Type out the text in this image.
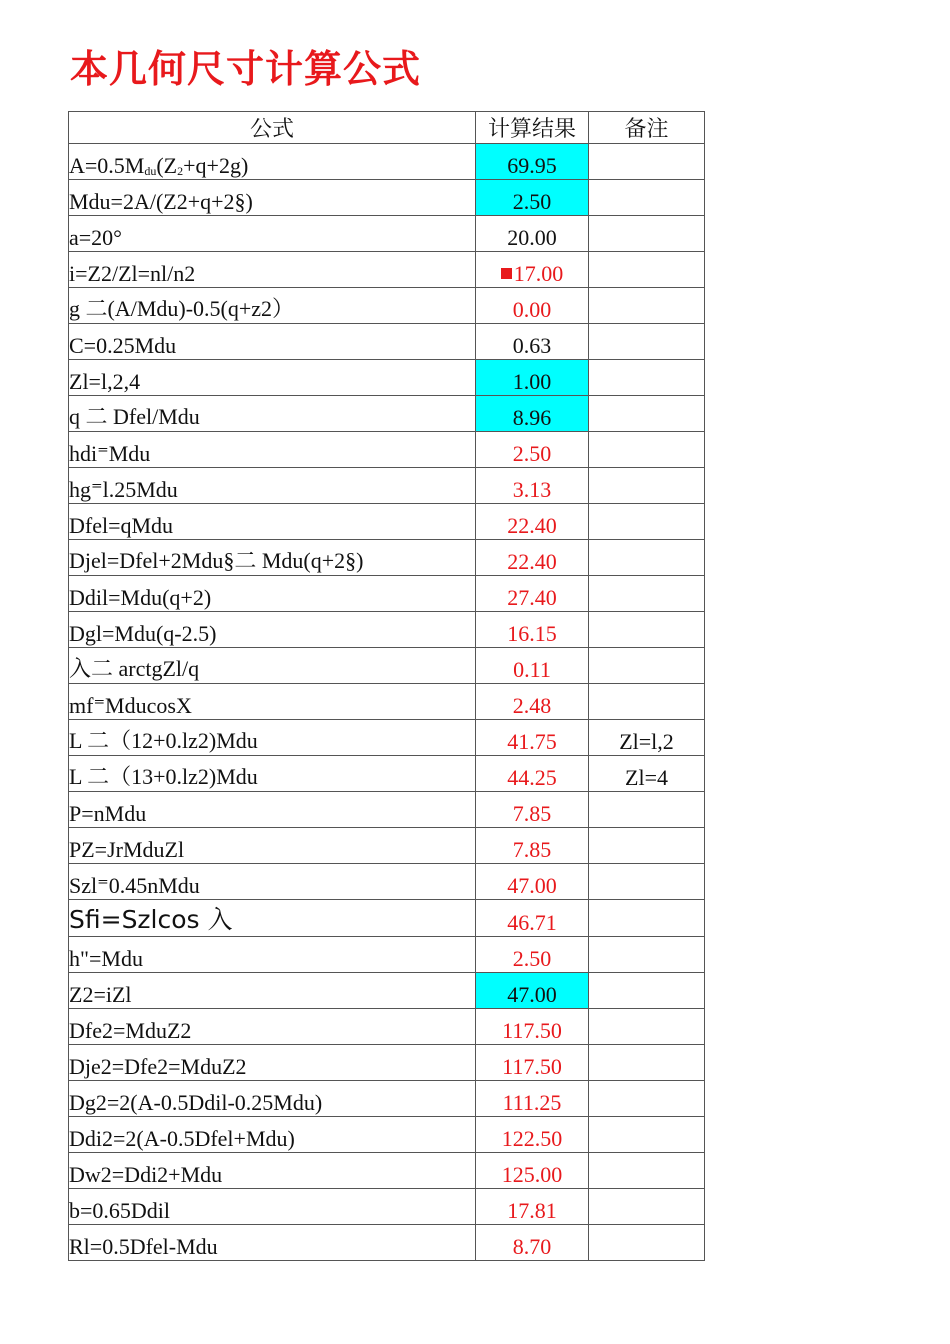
本几何尺寸计算公式
公式	计算结果	备注
$A=0.5M_{du}(Z_2+q+2g)$	69.95	
Mdu=2A/(Z2+q+2§)	2.50	
a=20°	20.00	
i=Z2/Zl=nl/n2	17.00	
g 二(A/Mdu)-0.5(q+z2）	0.00	
C=0.25Mdu	0.63	
Zl=l,2,4	1.00	
q 二 Dfel/Mdu	8.96	
hdi⁼Mdu	2.50	
hg⁼l.25Mdu	3.13	
Dfel=qMdu	22.40	
Djel=Dfel+2Mdu§二 Mdu(q+2§)	22.40	
Ddil=Mdu(q+2)	27.40	
Dgl=Mdu(q-2.5)	16.15	
入二 arctgZl/q	0.11	
mf⁼MducosX	2.48	
L 二（12+0.lz2)Mdu	41.75	Zl=l,2
L 二（13+0.lz2)Mdu	44.25	Zl=4
P=nMdu	7.85	
PZ=JrMduZl	7.85	
Szl⁼0.45nMdu	47.00	
Sfi=Szlcos 入	46.71	
h"=Mdu	2.50	
Z2=iZl	47.00	
Dfe2=MduZ2	117.50	
Dje2=Dfe2=MduZ2	117.50	
Dg2=2(A-0.5Ddil-0.25Mdu)	111.25	
Ddi2=2(A-0.5Dfel+Mdu)	122.50	
Dw2=Ddi2+Mdu	125.00	
b=0.65Ddil	17.81	
Rl=0.5Dfel-Mdu	8.70	
